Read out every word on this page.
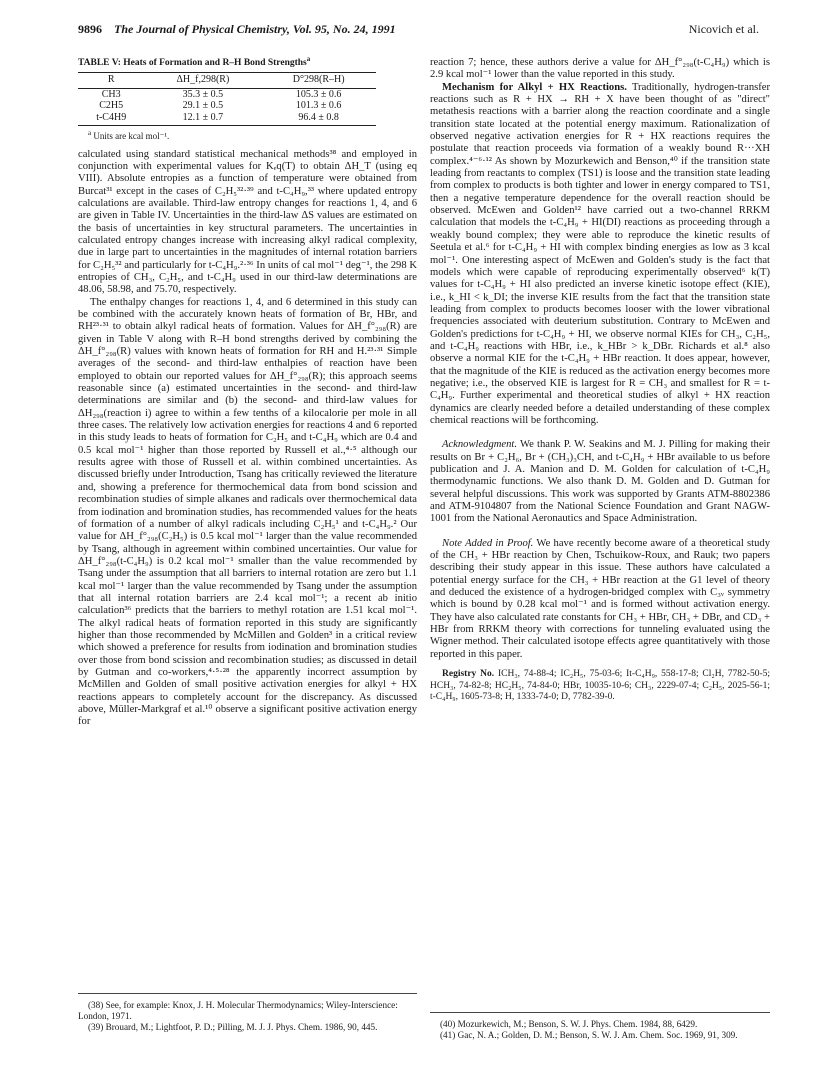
9896 The Journal of Physical Chemistry, Vol. 95, No. 24, 1991	Nicovich et al.
TABLE V: Heats of Formation and R–H Bond Strengths$^a$
R	ΔH_f,298(R)	D°298(R–H)
CH3	35.3 ± 0.5	105.3 ± 0.6
C2H5	29.1 ± 0.5	101.3 ± 0.6
t-C4H9	12.1 ± 0.7	96.4 ± 0.8
$^a$ Units are kcal mol⁻¹.

calculated using standard statistical mechanical methods³⁸ and employed in conjunction with experimental values for Kₑq(T) to obtain ΔH_T (using eq VIII). Absolute entropies as a function of temperature were obtained from Burcat³¹ except in the cases of C₂H₅³²·³⁹ and t-C₄H₉,³³ where updated entropy calculations are available. Third-law entropy changes for reactions 1, 4, and 6 are given in Table IV. Uncertainties in the third-law ΔS values are estimated on the basis of uncertainties in key structural parameters. The uncertainties in calculated entropy changes increase with increasing alkyl radical complexity, due in large part to uncertainties in the magnitudes of internal rotation barriers for C₂H₅³² and particularly for t-C₄H₉.²·³⁶ In units of cal mol⁻¹ deg⁻¹, the 298 K entropies of CH₃, C₂H₅, and t-C₄H₉ used in our third-law determinations are 48.06, 58.98, and 75.70, respectively.

The enthalpy changes for reactions 1, 4, and 6 determined in this study can be combined with the accurately known heats of formation of Br, HBr, and RH²³·³¹ to obtain alkyl radical heats of formation. Values for ΔH_f°₂₉₈(R) are given in Table V along with R–H bond strengths derived by combining the ΔH_f°₂₉₈(R) values with known heats of formation for RH and H.²³·³¹ Simple averages of the second- and third-law enthalpies of reaction have been employed to obtain our reported values for ΔH_f°₂₉₈(R); this approach seems reasonable since (a) estimated uncertainties in the second- and third-law determinations are similar and (b) the second- and third-law values for ΔH₂₉₈(reaction i) agree to within a few tenths of a kilocalorie per mole in all three cases. The relatively low activation energies for reactions 4 and 6 reported in this study leads to heats of formation for C₂H₅ and t-C₄H₉ which are 0.4 and 0.5 kcal mol⁻¹ higher than those reported by Russell et al.,⁴·⁵ although our results agree with those of Russell et al. within combined uncertainties. As discussed briefly under Introduction, Tsang has critically reviewed the literature and, showing a preference for thermochemical data from bond scission and recombination studies of simple alkanes and radicals over thermochemical data from iodination and bromination studies, has recommended values for the heats of formation of a number of alkyl radicals including C₂H₅¹ and t-C₄H₉.² Our value for ΔH_f°₂₉₈(C₂H₅) is 0.5 kcal mol⁻¹ larger than the value recommended by Tsang, although in agreement within combined uncertainties. Our value for ΔH_f°₂₉₈(t-C₄H₉) is 0.2 kcal mol⁻¹ smaller than the value recommended by Tsang under the assumption that all barriers to internal rotation are zero but 1.1 kcal mol⁻¹ larger than the value recommended by Tsang under the assumption that all internal rotation barriers are 2.4 kcal mol⁻¹; a recent ab initio calculation³⁶ predicts that the barriers to methyl rotation are 1.51 kcal mol⁻¹. The alkyl radical heats of formation reported in this study are significantly higher than those recommended by McMillen and Golden³ in a critical review which showed a preference for results from iodination and bromination studies over those from bond scission and recombination studies; as discussed in detail by Gutman and co-workers,⁴·⁵·²⁸ the apparently incorrect assumption by McMillen and Golden of small positive activation energies for alkyl + HX reactions appears to completely account for the discrepancy. As discussed above, Müller-Markgraf et al.¹⁰ observe a significant positive activation energy for

reaction 7; hence, these authors derive a value for ΔH_f°₂₉₈(t-C₄H₉) which is 2.9 kcal mol⁻¹ lower than the value reported in this study.

Mechanism for Alkyl + HX Reactions. Traditionally, hydrogen-transfer reactions such as R + HX → RH + X have been thought of as "direct" metathesis reactions with a barrier along the reaction coordinate and a single transition state located at the potential energy maximum. Rationalization of observed negative activation energies for R + HX reactions requires the postulate that reaction proceeds via formation of a weakly bound R···XH complex.⁴⁻⁶·¹² As shown by Mozurkewich and Benson,⁴⁰ if the transition state leading from reactants to complex (TS1) is loose and the transition state leading from complex to products is both tighter and lower in energy compared to TS1, then a negative temperature dependence for the overall reaction should be observed. McEwen and Golden¹² have carried out a two-channel RRKM calculation that models the t-C₄H₉ + HI(DI) reactions as proceeding through a weakly bound complex; they were able to reproduce the kinetic results of Seetula et al.⁶ for t-C₄H₉ + HI with complex binding energies as low as 3 kcal mol⁻¹. One interesting aspect of McEwen and Golden's study is the fact that models which were capable of reproducing experimentally observed⁶ k(T) values for t-C₄H₉ + HI also predicted an inverse kinetic isotope effect (KIE), i.e., k_HI < k_DI; the inverse KIE results from the fact that the transition state leading from complex to products becomes looser with the lower vibrational frequencies associated with deuterium substitution. Contrary to McEwen and Golden's predictions for t-C₄H₉ + HI, we observe normal KIEs for CH₃, C₂H₅, and t-C₄H₉ reactions with HBr, i.e., k_HBr > k_DBr. Richards et al.⁸ also observe a normal KIE for the t-C₄H₉ + HBr reaction. It does appear, however, that the magnitude of the KIE is reduced as the activation energy becomes more negative; i.e., the observed KIE is largest for R = CH₃ and smallest for R = t-C₄H₉. Further experimental and theoretical studies of alkyl + HX reaction dynamics are clearly needed before a detailed understanding of these complex chemical reactions will be forthcoming.

Acknowledgment. We thank P. W. Seakins and M. J. Pilling for making their results on Br + C₂H₆, Br + (CH₃)₃CH, and t-C₄H₉ + HBr available to us before publication and J. A. Manion and D. M. Golden for calculation of t-C₄H₉ thermodynamic functions. We also thank D. M. Golden and D. Gutman for several helpful discussions. This work was supported by Grants ATM-8802386 and ATM-9104807 from the National Science Foundation and Grant NAGW-1001 from the National Aeronautics and Space Administration.

Note Added in Proof. We have recently become aware of a theoretical study of the CH₃ + HBr reaction by Chen, Tschuikow-Roux, and Rauk; two papers describing their study appear in this issue. These authors have calculated a potential energy surface for the CH₃ + HBr reaction at the G1 level of theory and deduced the existence of a hydrogen-bridged complex with C₃ᵥ symmetry which is bound by 0.28 kcal mol⁻¹ and is formed without activation energy. They have also calculated rate constants for CH₃ + HBr, CH₃ + DBr, and CD₃ + HBr from RRKM theory with corrections for tunneling evaluated using the Wigner method. Their calculated isotope effects agree quantitatively with those reported in this paper.

Registry No. ICH₃, 74-88-4; IC₂H₅, 75-03-6; It-C₄H₉, 558-17-8; Cl₂H, 7782-50-5; HCH₃, 74-82-8; HC₂H₅, 74-84-0; HBr, 10035-10-6; CH₃, 2229-07-4; C₂H₅, 2025-56-1; t-C₄H₉, 1605-73-8; H, 1333-74-0; D, 7782-39-0.

(38) See, for example: Knox, J. H. Molecular Thermodynamics; Wiley-Interscience: London, 1971.

(39) Brouard, M.; Lightfoot, P. D.; Pilling, M. J. J. Phys. Chem. 1986, 90, 445.	(40) Mozurkewich, M.; Benson, S. W. J. Phys. Chem. 1984, 88, 6429.

(41) Gac, N. A.; Golden, D. M.; Benson, S. W. J. Am. Chem. Soc. 1969, 91, 309.
